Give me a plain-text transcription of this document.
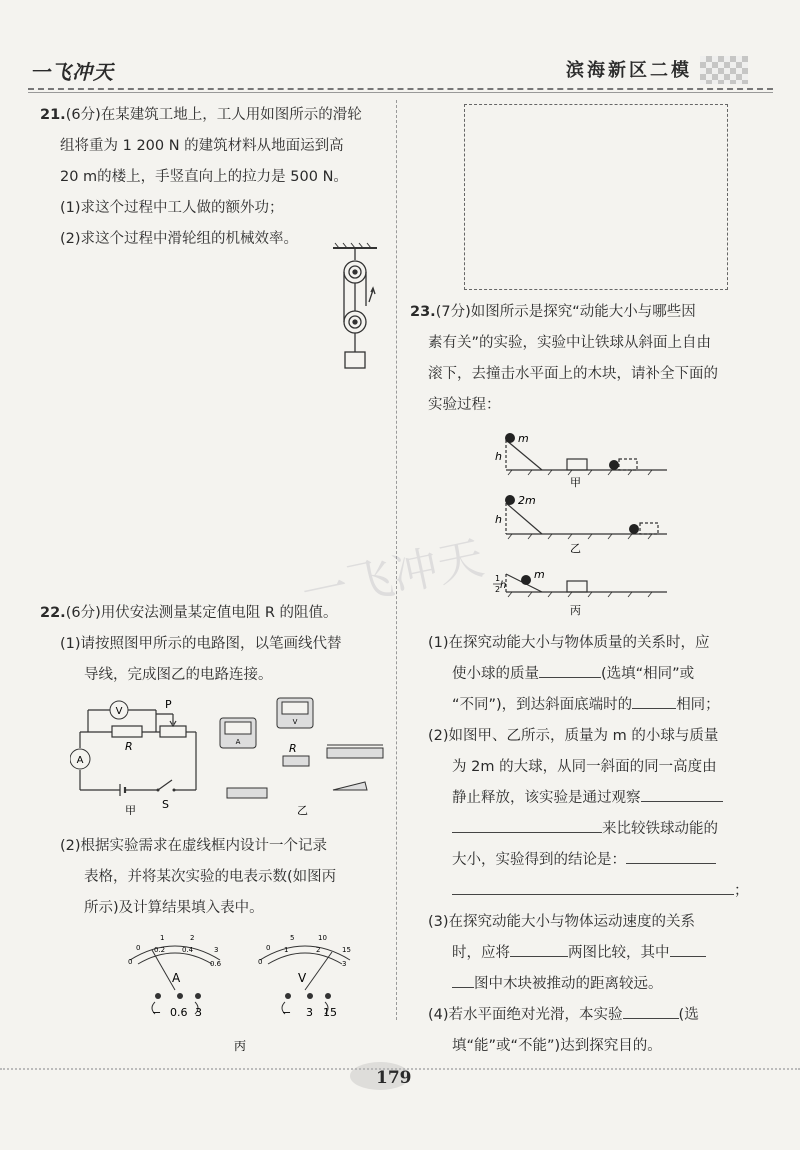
一飞冲天	滨海新区二模
一飞冲天
21.(6分)在某建筑工地上，工人用如图所示的滑轮
组将重为 1 200 N 的建筑材料从地面运到高
20 m的楼上，手竖直向上的拉力是 500 N。
(1)求这个过程中工人做的额外功；
(2)求这个过程中滑轮组的机械效率。
22.(6分)用伏安法测量某定值电阻 R 的阻值。
(1)请按照图甲所示的电路图，以笔画线代替
导线，完成图乙的电路连接。
V
A
R
P
S
甲
A
V
R
乙
(2)根据实验需求在虚线框内设计一个记录
表格，并将某次实验的电表示数(如图丙
所示)及计算结果填入表中。
0
0.2 0.4
0.6
0
1	2
3
A
− 0.6 3
0
1	2
3
0
5	10
15
V
− 3 15
丙
23.(7分)如图所示是探究“动能大小与哪些因
素有关”的实验，实验中让铁球从斜面上自由
滚下，去撞击水平面上的木块，请补全下面的
实验过程：
m
h
甲
2m
h
乙
m
1
2 h
丙
(1)在探究动能大小与物体质量的关系时，应
使小球的质量	(选填“相同”或
“不同”)，到达斜面底端时的	相同；
(2)如图甲、乙所示，质量为 m 的小球与质量
为 2m 的大球，从同一斜面的同一高度由
静止释放，该实验是通过观察
来比较铁球动能的
大小，实验得到的结论是：
；
(3)在探究动能大小与物体运动速度的关系
时，应将	两图比较，其中
图中木块被推动的距离较远。
(4)若水平面绝对光滑，本实验	(选
填“能”或“不能”)达到探究目的。
179
